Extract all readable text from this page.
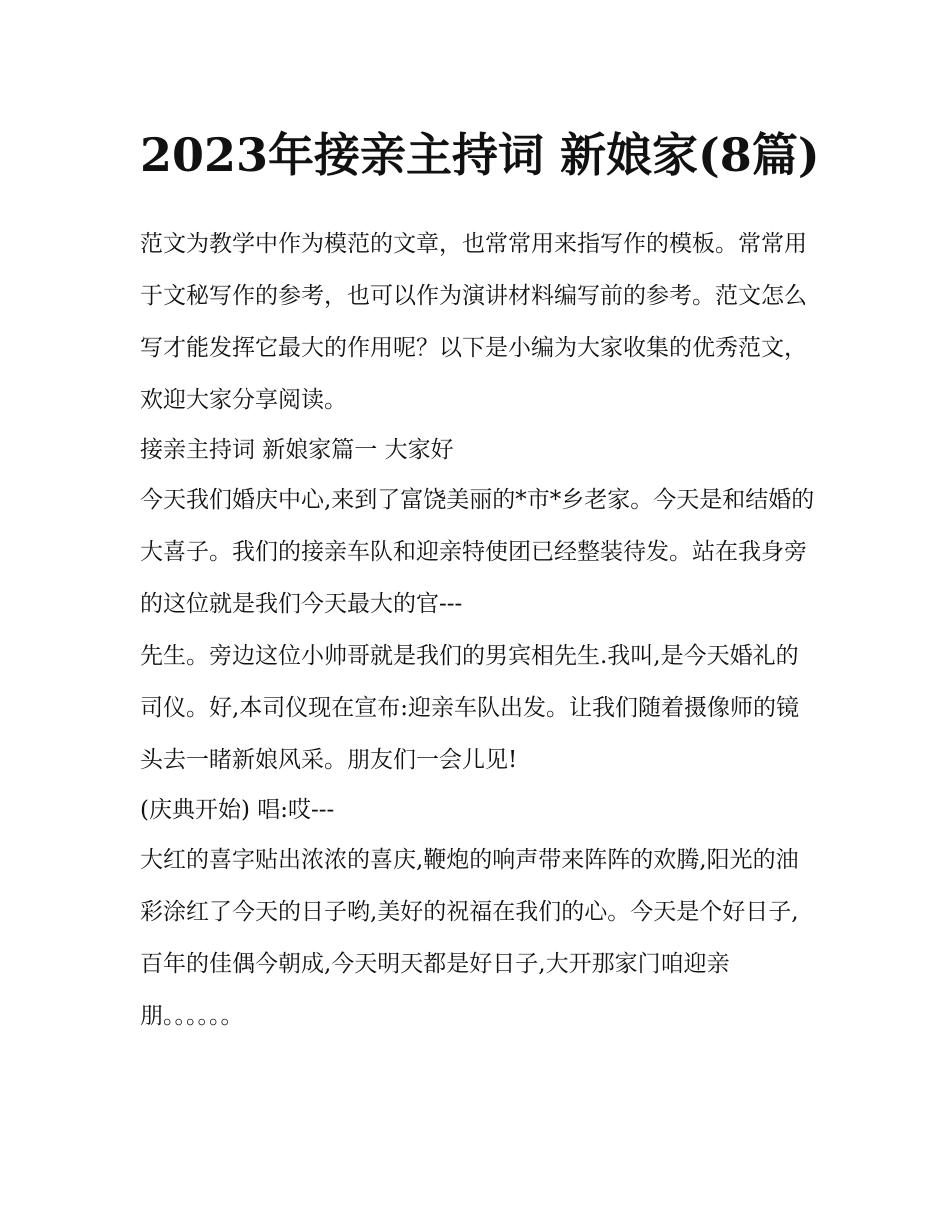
2023年接亲主持词 新娘家(8篇)

范文为教学中作为模范的文章，也常常用来指写作的模板。常常用于文秘写作的参考，也可以作为演讲材料编写前的参考。范文怎么写才能发挥它最大的作用呢？以下是小编为大家收集的优秀范文，欢迎大家分享阅读。

接亲主持词 新娘家篇一 大家好

今天我们婚庆中心,来到了富饶美丽的*市*乡老家。今天是和结婚的大喜子。我们的接亲车队和迎亲特使团已经整装待发。站在我身旁的这位就是我们今天最大的官---

先生。旁边这位小帅哥就是我们的男宾相先生.我叫,是今天婚礼的司仪。好,本司仪现在宣布:迎亲车队出发。让我们随着摄像师的镜头去一睹新娘风采。朋友们一会儿见!

(庆典开始) 唱:哎---

大红的喜字贴出浓浓的喜庆,鞭炮的响声带来阵阵的欢腾,阳光的油彩涂红了今天的日子哟,美好的祝福在我们的心。今天是个好日子,百年的佳偶今朝成,今天明天都是好日子,大开那家门咱迎亲朋。。。。。。
